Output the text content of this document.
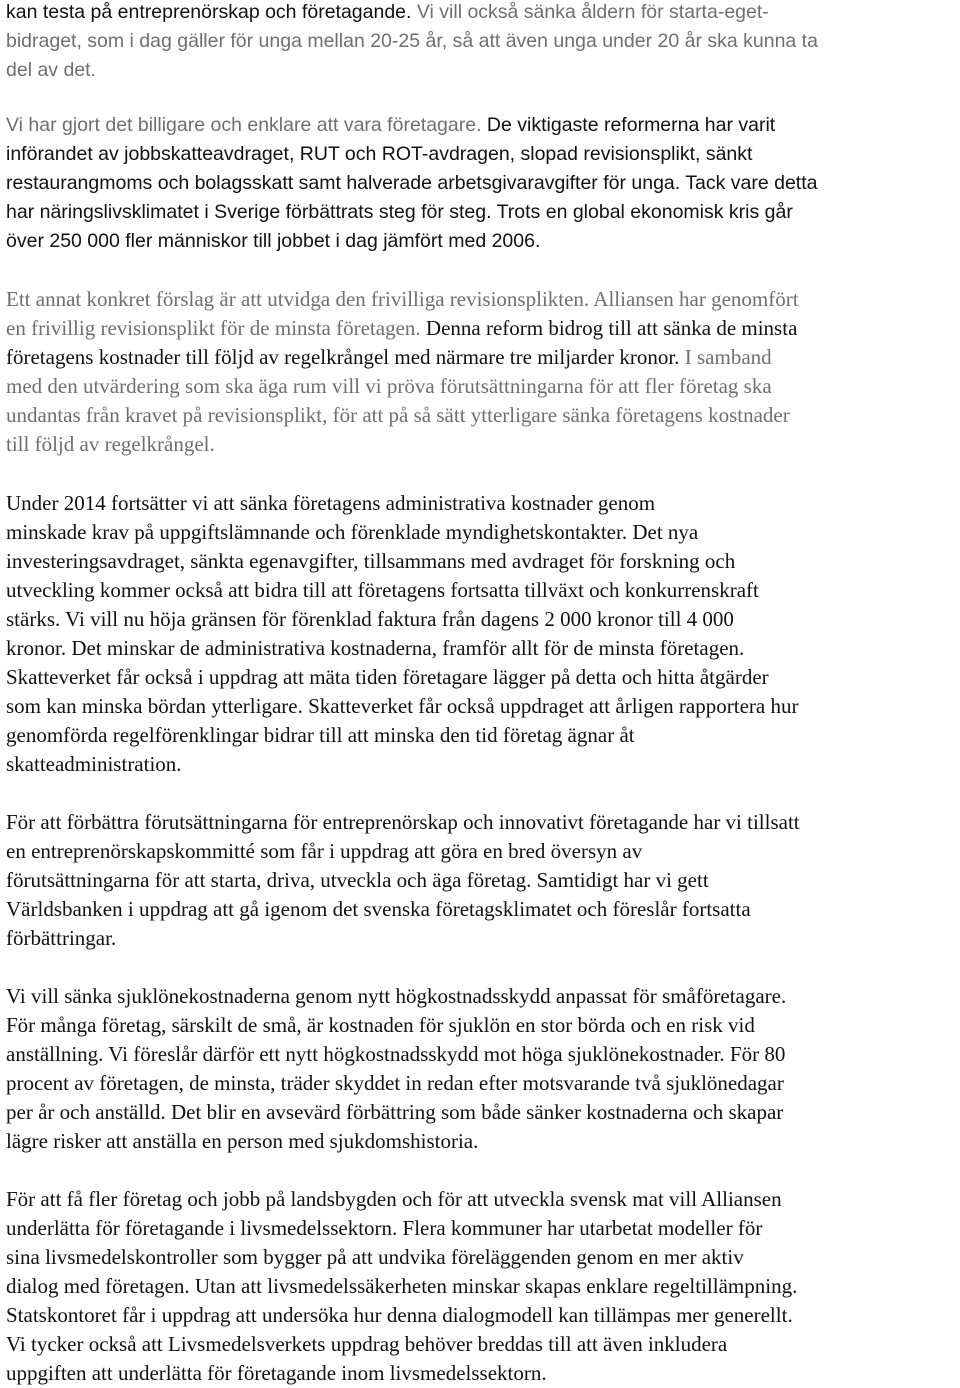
kan testa på entreprenörskap och företagande. Vi vill också sänka åldern för starta-eget-
bidraget, som i dag gäller för unga mellan 20-25 år, så att även unga under 20 år ska kunna ta
del av det.
Vi har gjort det billigare och enklare att vara företagare. De viktigaste reformerna har varit
införandet av jobbskatteavdraget, RUT och ROT-avdragen, slopad revisionsplikt, sänkt
restaurangmoms och bolagsskatt samt halverade arbetsgivaravgifter för unga. Tack vare detta
har näringslivsklimatet i Sverige förbättrats steg för steg. Trots en global ekonomisk kris går
över 250 000 fler människor till jobbet i dag jämfört med 2006.
Ett annat konkret förslag är att utvidga den frivilliga revisionsplikten. Alliansen har genomfört
en frivillig revisionsplikt för de minsta företagen. Denna reform bidrog till att sänka de minsta
företagens kostnader till följd av regelkrångel med närmare tre miljarder kronor. I samband
med den utvärdering som ska äga rum vill vi pröva förutsättningarna för att fler företag ska
undantas från kravet på revisionsplikt, för att på så sätt ytterligare sänka företagens kostnader
till följd av regelkrångel.
Under 2014 fortsätter vi att sänka företagens administrativa kostnader genom
minskade krav på uppgiftslämnande och förenklade myndighetskontakter. Det nya
investeringsavdraget, sänkta egenavgifter, tillsammans med avdraget för forskning och
utveckling kommer också att bidra till att företagens fortsatta tillväxt och konkurrenskraft
stärks. Vi vill nu höja gränsen för förenklad faktura från dagens 2 000 kronor till 4 000
kronor. Det minskar de administrativa kostnaderna, framför allt för de minsta företagen.
Skatteverket får också i uppdrag att mäta tiden företagare lägger på detta och hitta åtgärder
som kan minska bördan ytterligare. Skatteverket får också uppdraget att årligen rapportera hur
genomförda regelförenklingar bidrar till att minska den tid företag ägnar åt
skatteadministration.
För att förbättra förutsättningarna för entreprenörskap och innovativt företagande har vi tillsatt
en entreprenörskapskommitté som får i uppdrag att göra en bred översyn av
förutsättningarna för att starta, driva, utveckla och äga företag. Samtidigt har vi gett
Världsbanken i uppdrag att gå igenom det svenska företagsklimatet och föreslår fortsatta
förbättringar.
Vi vill sänka sjuklönekostnaderna genom nytt högkostnadsskydd anpassat för småföretagare.
För många företag, särskilt de små, är kostnaden för sjuklön en stor börda och en risk vid
anställning. Vi föreslår därför ett nytt högkostnadsskydd mot höga sjuklönekostnader. För 80
procent av företagen, de minsta, träder skyddet in redan efter motsvarande två sjuklönedagar
per år och anställd. Det blir en avsevärd förbättring som både sänker kostnaderna och skapar
lägre risker att anställa en person med sjukdomshistoria.
För att få fler företag och jobb på landsbygden och för att utveckla svensk mat vill Alliansen
underlätta för företagande i livsmedelssektorn. Flera kommuner har utarbetat modeller för
sina livsmedelskontroller som bygger på att undvika föreläggenden genom en mer aktiv
dialog med företagen. Utan att livsmedelssäkerheten minskar skapas enklare regeltillämpning.
Statskontoret får i uppdrag att undersöka hur denna dialogmodell kan tillämpas mer generellt.
Vi tycker också att Livsmedelsverkets uppdrag behöver breddas till att även inkludera
uppgiften att underlätta för företagande inom livsmedelssektorn.
